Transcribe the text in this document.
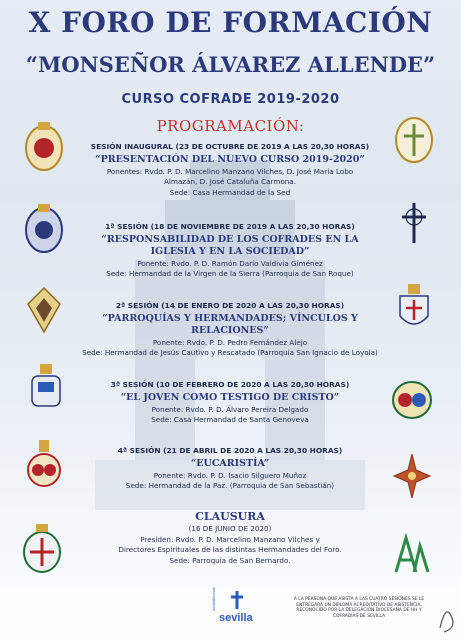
X FORO DE FORMACIÓN
“MONSEÑOR ÁLVAREZ ALLENDE”
CURSO COFRADE 2019-2020
PROGRAMACIÓN:
SESIÓN INAUGURAL (23 DE OCTUBRE DE 2019 A LAS 20,30 HORAS)
“PRESENTACIÓN DEL NUEVO CURSO 2019-2020”
Ponentes: Rvdo. P. D. Marcelino Manzano Vilches, D. José María Lobo
Almazán, D. José Cataluña Carmona.
Sede: Casa Hermandad de la Sed
1ª SESIÓN (18 DE NOVIEMBRE DE 2019 A LAS 20,30 HORAS)
“RESPONSABILIDAD DE LOS COFRADES EN LA IGLESIA Y EN LA SOCIEDAD”
Ponente: Rvdo. P. D. Ramón Darío Valdivia Giménez
Sede: Hermandad de la Virgen de la Sierra (Parroquia de San Roque)
2ª SESIÓN (14 DE ENERO DE 2020 A LAS 20,30 HORAS)
“PARROQUÍAS Y HERMANDADES; VÍNCULOS Y RELACIONES”
Ponente: Rvdo. P. D. Pedro Fernández Alejo
Sede: Hermandad de Jesús Cautivo y Rescatado (Parroquia San Ignacio de Loyola)
3ª SESIÓN (10 DE FEBRERO DE 2020 A LAS 20,30 HORAS)
“EL JOVEN COMO TESTIGO DE CRISTO”
Ponente: Rvdo. P. D. Álvaro Pereira Delgado
Sede: Casa Hermandad de Santa Genoveva
4ª SESIÓN (21 DE ABRIL DE 2020 A LAS 20,30 HORAS)
“EUCARISTÍA”
Ponente: Rvdo. P. D. Isacio Silguero Muñoz
Sede: Hermandad de la Paz. (Parroquia de San Sebastián)
CLAUSURA
(16 DE JUNIO DE 2020)
Presiden: Rvdo. P. D. Marcelino Manzano Vilches y
Directores Espirituales de las distintas Hermandades del Foro.
Sede: Parroquia de San Bernardo.
sevilla
Archidiócesis	A LA PERSONA QUE ASISTA A LAS CUATRO SESIONES SE LE ENTREGARÁ UN DIPLOMA ACREDITATIVO DE ASISTENCIA, RECONOCIDO POR LA DELEGACIÓN DIOCESANA DE HH Y COFRADÍAS DE SEVILLA
